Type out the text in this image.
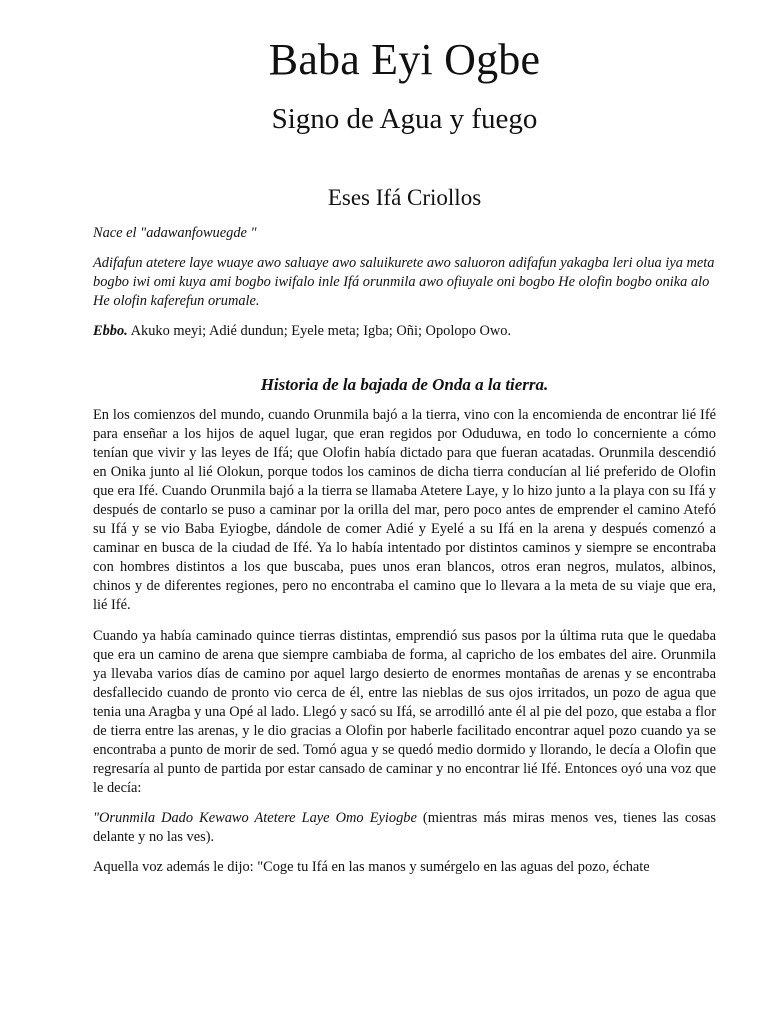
Baba Eyi Ogbe
Signo de Agua y fuego
Eses Ifá Criollos

Nace el "adawanfowuegde "

Adifafun atetere laye wuaye awo saluaye awo saluikurete awo saluoron adifafun yakagba leri olua iya meta bogbo iwi omi kuya ami bogbo iwifalo inle Ifá orunmila awo ofiuyale oni bogbo He olofin bogbo onika alo He olofin kaferefun orumale.

Ebbo. Akuko meyi; Adié dundun; Eyele meta; Igba; Oñi; Opolopo Owo.

Historia de la bajada de Onda a la tierra.

En los comienzos del mundo, cuando Orunmila bajó a la tierra, vino con la encomienda de encontrar lié Ifé para enseñar a los hijos de aquel lugar, que eran regidos por Oduduwa, en todo lo concerniente a cómo tenían que vivir y las leyes de Ifá; que Olofin había dictado para que fueran acatadas. Orunmila descendió en Onika junto al lié Olokun, porque todos los caminos de dicha tierra conducían al lié preferido de Olofin que era Ifé. Cuando Orunmila bajó a la tierra se llamaba Atetere Laye, y lo hizo junto a la playa con su Ifá y después de contarlo se puso a caminar por la orilla del mar, pero poco antes de emprender el camino Atefó su Ifá y se vio Baba Eyiogbe, dándole de comer Adié y Eyelé a su Ifá en la arena y después comenzó a caminar en busca de la ciudad de Ifé. Ya lo había intentado por distintos caminos y siempre se encontraba con hombres distintos a los que buscaba, pues unos eran blancos, otros eran negros, mulatos, albinos, chinos y de diferentes regiones, pero no encontraba el camino que lo llevara a la meta de su viaje que era, lié Ifé.

Cuando ya había caminado quince tierras distintas, emprendió sus pasos por la última ruta que le quedaba que era un camino de arena que siempre cambiaba de forma, al capricho de los embates del aire. Orunmila ya llevaba varios días de camino por aquel largo desierto de enormes montañas de arenas y se encontraba desfallecido cuando de pronto vio cerca de él, entre las nieblas de sus ojos irritados, un pozo de agua que tenia una Aragba y una Opé al lado. Llegó y sacó su Ifá, se arrodilló ante él al pie del pozo, que estaba a flor de tierra entre las arenas, y le dio gracias a Olofin por haberle facilitado encontrar aquel pozo cuando ya se encontraba a punto de morir de sed. Tomó agua y se quedó medio dormido y llorando, le decía a Olofin que regresaría al punto de partida por estar cansado de caminar y no encontrar lié Ifé. Entonces oyó una voz que le decía:

"Orunmila Dado Kewawo Atetere Laye Omo Eyiogbe (mientras más miras menos ves, tienes las cosas delante y no las ves).

Aquella voz además le dijo: "Coge tu Ifá en las manos y sumérgelo en las aguas del pozo, échate
